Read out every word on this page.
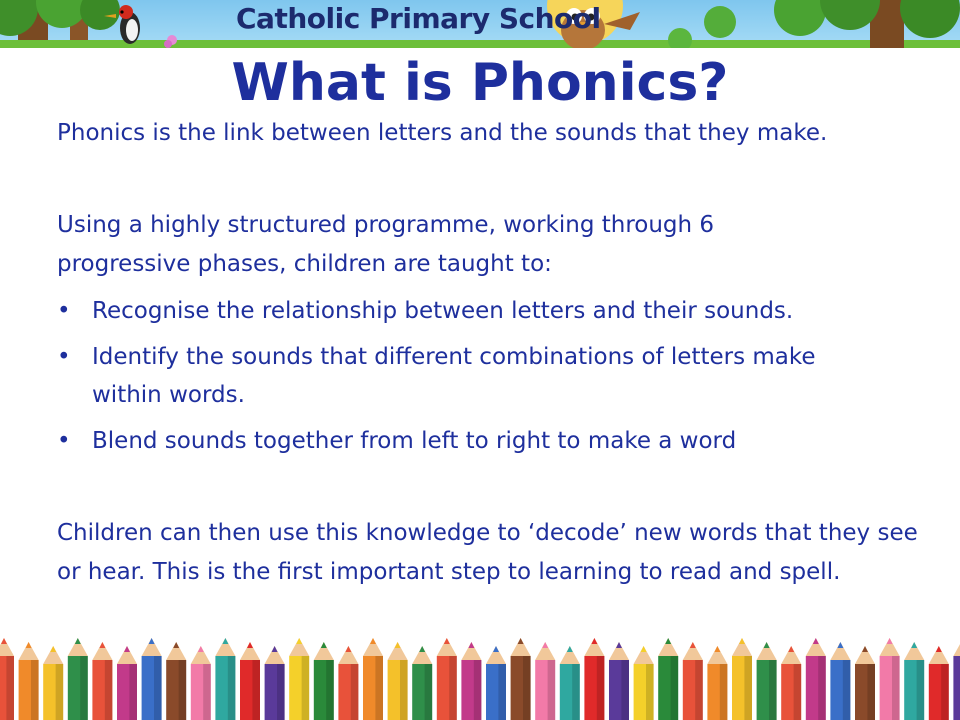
Catholic Primary School
What is Phonics?

Phonics is the link between letters and the sounds that they make.

Using a highly structured programme, working through 6 progressive phases, children are taught to:

• Recognise the relationship between letters and their sounds.
• Identify the sounds that different combinations of letters make within words.
• Blend sounds together from left to right to make a word

Children can then use this knowledge to ‘decode’ new words that they see or hear. This is the first important step to learning to read and spell.
